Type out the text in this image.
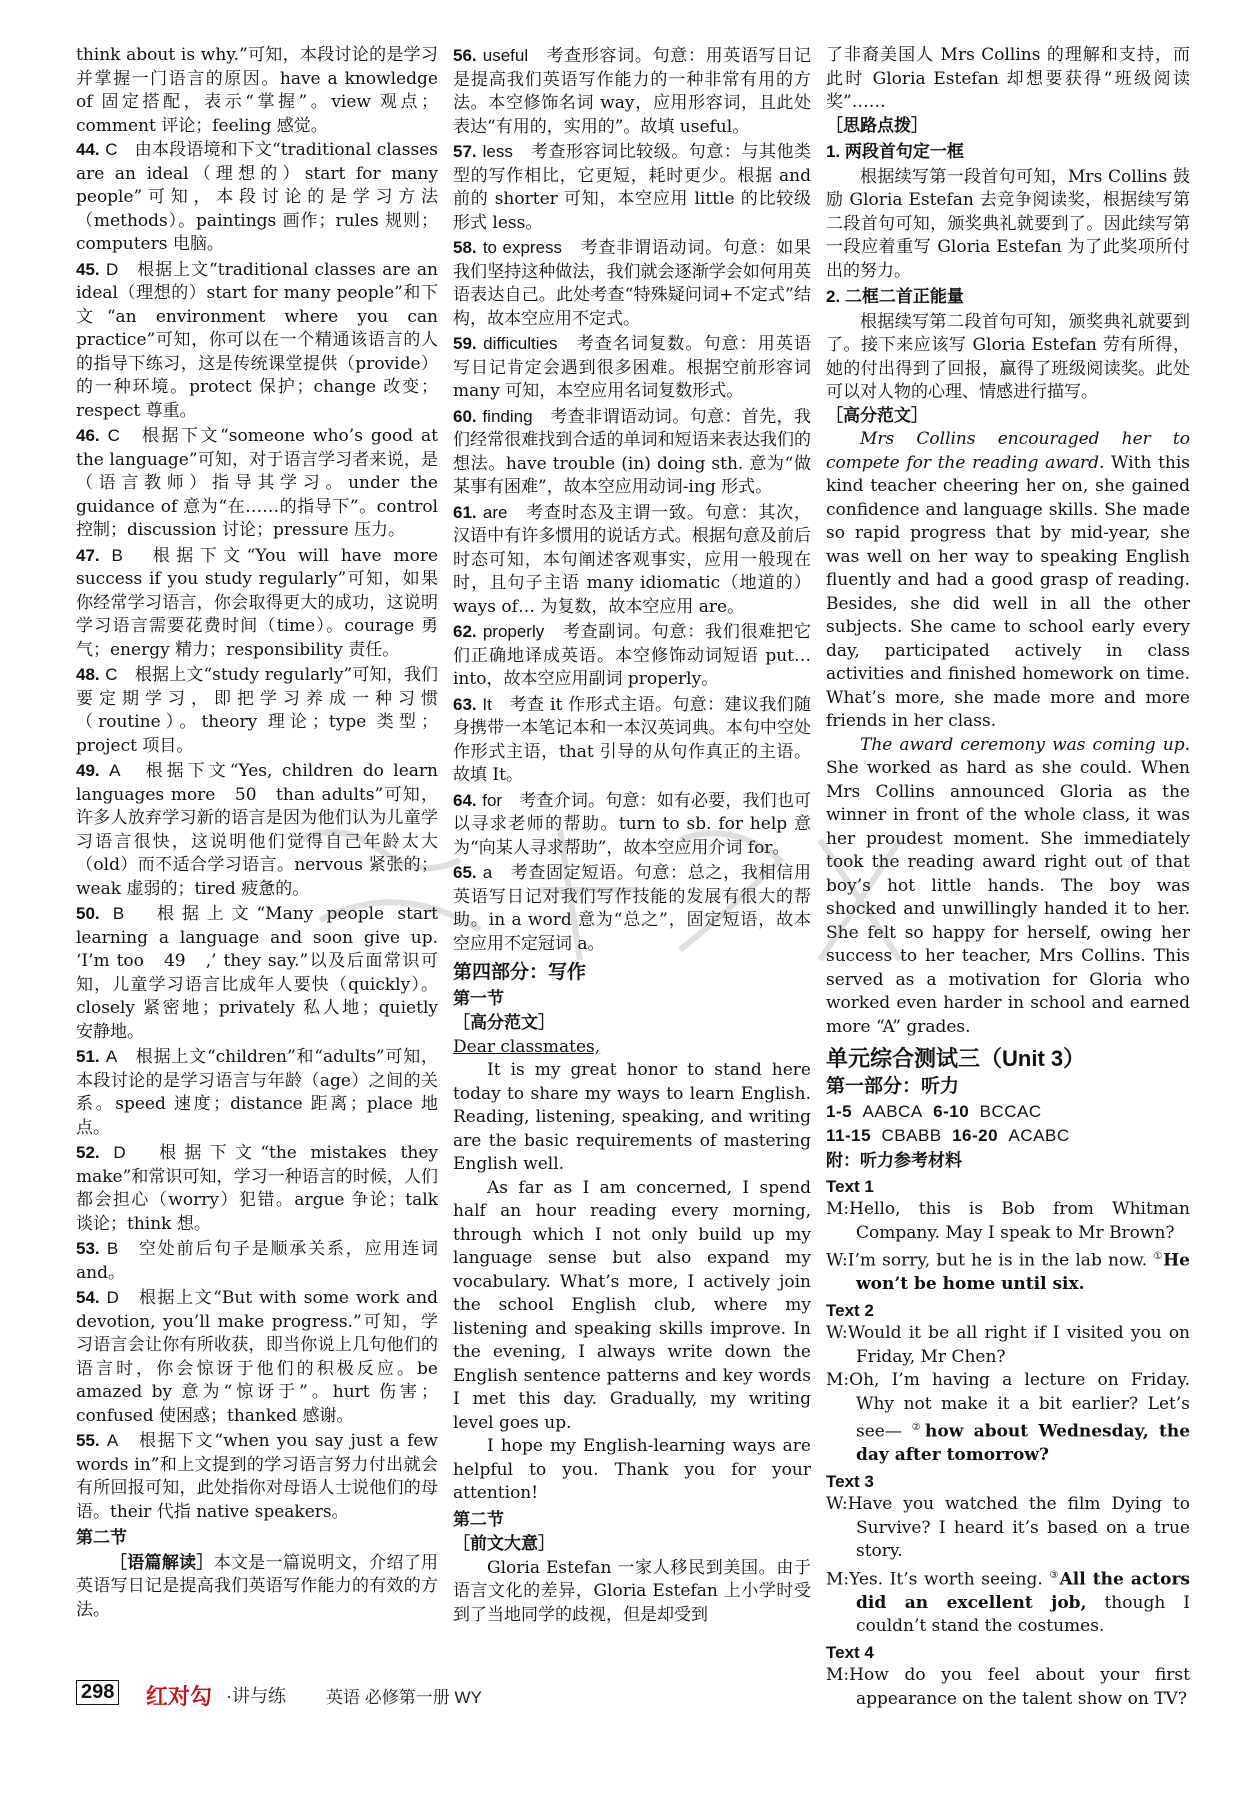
think about is why.”可知，本段讨论的是学习并掌握一门语言的原因。have a knowledge of 固定搭配，表示“掌握”。view 观点；comment 评论；feeling 感觉。

44. C　 由本段语境和下文“traditional classes are an ideal（理想的）start for many people”可知，本段讨论的是学习方法（methods）。paintings 画作；rules 规则；computers 电脑。

45. D　 根据上文“traditional classes are an ideal（理想的）start for many people”和下文“an environment where you can practice”可知，你可以在一个精通该语言的人的指导下练习，这是传统课堂提供（provide）的一种环境。protect 保护；change 改变；respect 尊重。

46. C　 根据下文“someone who’s good at the language”可知，对于语言学习者来说，是（语言教师）指导其学习。under the guidance of 意为“在……的指导下”。control 控制；discussion 讨论；pressure 压力。

47. B　 根据下文“You will have more success if you study regularly”可知，如果你经常学习语言，你会取得更大的成功，这说明学习语言需要花费时间（time）。courage 勇气；energy 精力；responsibility 责任。

48. C　 根据上文“study regularly”可知，我们要定期学习，即把学习养成一种习惯（routine）。theory 理论；type 类型；project 项目。

49. A　 根据下文“Yes, children do learn languages more　50　than adults”可知，许多人放弃学习新的语言是因为他们认为儿童学习语言很快，这说明他们觉得自己年龄太大（old）而不适合学习语言。nervous 紧张的；weak 虚弱的；tired 疲惫的。

50. B　 根据上文“Many people start learning a language and soon give up. ‘I’m too　49　,’ they say.”以及后面常识可知，儿童学习语言比成年人要快（quickly）。closely 紧密地；privately 私人地；quietly 安静地。

51. A　 根据上文“children”和“adults”可知，本段讨论的是学习语言与年龄（age）之间的关系。speed 速度；distance 距离；place 地点。

52. D　 根据下文“the mistakes they make”和常识可知，学习一种语言的时候，人们都会担心（worry）犯错。argue 争论；talk 谈论；think 想。

53. B　 空处前后句子是顺承关系，应用连词 and。

54. D　 根据上文“But with some work and devotion, you’ll make progress.”可知，学习语言会让你有所收获，即当你说上几句他们的语言时，你会惊讶于他们的积极反应。be amazed by 意为“惊讶于”。hurt 伤害；confused 使困惑；thanked 感谢。

55. A　 根据下文“when you say just a few words in”和上文提到的学习语言努力付出就会有所回报可知，此处指你对母语人士说他们的母语。their 代指 native speakers。

第二节

［语篇解读］本文是一篇说明文，介绍了用英语写日记是提高我们英语写作能力的有效的方法。

56. useful　 考查形容词。句意：用英语写日记是提高我们英语写作能力的一种非常有用的方法。本空修饰名词 way，应用形容词，且此处表达“有用的，实用的”。故填 useful。

57. less　 考查形容词比较级。句意：与其他类型的写作相比，它更短，耗时更少。根据 and 前的 shorter 可知，本空应用 little 的比较级形式 less。

58. to express　 考查非谓语动词。句意：如果我们坚持这种做法，我们就会逐渐学会如何用英语表达自己。此处考查“特殊疑问词+不定式”结构，故本空应用不定式。

59. difficulties　 考查名词复数。句意：用英语写日记肯定会遇到很多困难。根据空前形容词 many 可知，本空应用名词复数形式。

60. finding　 考查非谓语动词。句意：首先，我们经常很难找到合适的单词和短语来表达我们的想法。have trouble (in) doing sth. 意为“做某事有困难”，故本空应用动词-ing 形式。

61. are　 考查时态及主谓一致。句意：其次，汉语中有许多惯用的说话方式。根据句意及前后时态可知，本句阐述客观事实，应用一般现在时，且句子主语 many idiomatic（地道的）ways of… 为复数，故本空应用 are。

62. properly　 考查副词。句意：我们很难把它们正确地译成英语。本空修饰动词短语 put…into，故本空应用副词 properly。

63. It　 考查 it 作形式主语。句意：建议我们随身携带一本笔记本和一本汉英词典。本句中空处作形式主语，that 引导的从句作真正的主语。故填 It。

64. for　 考查介词。句意：如有必要，我们也可以寻求老师的帮助。turn to sb. for help 意为“向某人寻求帮助”，故本空应用介词 for。

65. a　 考查固定短语。句意：总之，我相信用英语写日记对我们写作技能的发展有很大的帮助。in a word 意为“总之”，固定短语，故本空应用不定冠词 a。

第四部分：写作
第一节
［高分范文］

Dear classmates,

It is my great honor to stand here today to share my ways to learn English. Reading, listening, speaking, and writing are the basic requirements of mastering English well.

As far as I am concerned, I spend half an hour reading every morning, through which I not only build up my language sense but also expand my vocabulary. What’s more, I actively join the school English club, where my listening and speaking skills improve. In the evening, I always write down the English sentence patterns and key words I met this day. Gradually, my writing level goes up.

I hope my English-learning ways are helpful to you. Thank you for your attention!

第二节
［前文大意］

Gloria Estefan 一家人移民到美国。由于语言文化的差异，Gloria Estefan 上小学时受到了当地同学的歧视，但是却受到

了非裔美国人 Mrs Collins 的理解和支持，而此时 Gloria Estefan 却想要获得“班级阅读奖”……

［思路点拨］
1. 两段首句定一框

根据续写第一段首句可知，Mrs Collins 鼓励 Gloria Estefan 去竞争阅读奖，根据续写第二段首句可知，颁奖典礼就要到了。因此续写第一段应着重写 Gloria Estefan 为了此奖项所付出的努力。

2. 二框二首正能量

根据续写第二段首句可知，颁奖典礼就要到了。接下来应该写 Gloria Estefan 劳有所得，她的付出得到了回报，赢得了班级阅读奖。此处可以对人物的心理、情感进行描写。

［高分范文］

Mrs Collins encouraged her to compete for the reading award. With this kind teacher cheering her on, she gained confidence and language skills. She made so rapid progress that by mid-year, she was well on her way to speaking English fluently and had a good grasp of reading. Besides, she did well in all the other subjects. She came to school early every day, participated actively in class activities and finished homework on time. What’s more, she made more and more friends in her class.

The award ceremony was coming up. She worked as hard as she could. When Mrs Collins announced Gloria as the winner in front of the whole class, it was her proudest moment. She immediately took the reading award right out of that boy’s hot little hands. The boy was shocked and unwillingly handed it to her. She felt so happy for herself, owing her success to her teacher, Mrs Collins. This served as a motivation for Gloria who worked even harder in school and earned more “A” grades.

单元综合测试三（Unit 3）
第一部分：听力
1-5 AABCA 6-10 BCCAC
11-15 CBABB 16-20 ACABC
附：听力参考材料
Text 1

M:Hello, this is Bob from Whitman Company. May I speak to Mr Brown?

W:I’m sorry, but he is in the lab now. ①He won’t be home until six.

Text 2

W:Would it be all right if I visited you on Friday, Mr Chen?

M:Oh, I’m having a lecture on Friday. Why not make it a bit earlier? Let’s see— ②how about Wednesday, the day after tomorrow?

Text 3

W:Have you watched the film Dying to Survive? I heard it’s based on a true story.

M:Yes. It’s worth seeing. ③All the actors did an excellent job, though I couldn’t stand the costumes.

Text 4

M:How do you feel about your first appearance on the talent show on TV?

298 红对勾 ·讲与练 英语 必修第一册 WY
